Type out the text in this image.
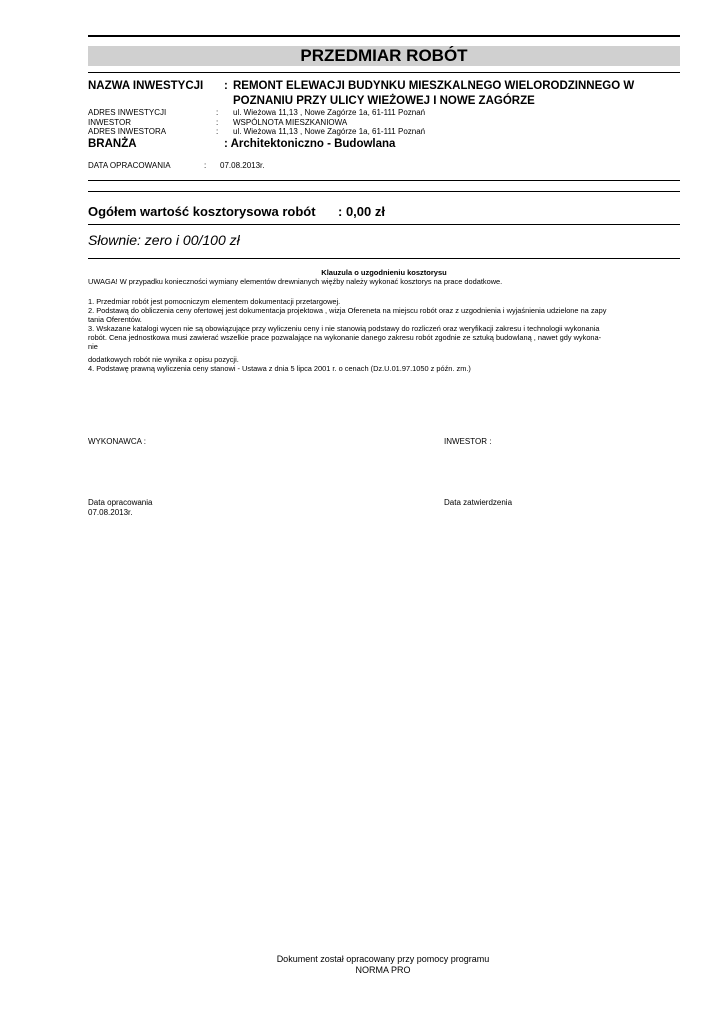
PRZEDMIAR ROBÓT
NAZWA INWESTYCJI : REMONT ELEWACJI BUDYNKU MIESZKALNEGO WIELORODZINNEGO W
POZNANIU PRZY ULICY WIEŻOWEJ I NOWE ZAGÓRZE
ADRES INWESTYCJI	: ul. Wieżowa 11,13 , Nowe Zagórze 1a, 61-111 Poznań
INWESTOR	: WSPÓLNOTA MIESZKANIOWA
ADRES INWESTORA	: ul. Wieżowa 11,13 , Nowe Zagórze 1a, 61-111 Poznań
BRANŻA	: Architektoniczno - Budowlana
DATA OPRACOWANIA	: 07.08.2013r.
Ogółem wartość kosztorysowa robót : 0,00 zł
Słownie: zero i 00/100 zł
Klauzula o uzgodnieniu kosztorysu
UWAGA! W przypadku konieczności wymiany elementów drewnianych więźby należy wykonać kosztorys na prace dodatkowe.
1. Przedmiar robót jest pomocniczym elementem dokumentacji przetargowej.
2. Podstawą do obliczenia ceny ofertowej jest dokumentacja projektowa , wizja Ofereneta na miejscu robót oraz z uzgodnienia i wyjaśnienia udzielone na zapy
tania Oferentów.
3. Wskazane katalogi wycen nie są obowiązujące przy wyliczeniu ceny i nie stanowią podstawy do rozliczeń oraz weryfikacji zakresu i technologii wykonania
robót. Cena jednostkowa musi zawierać wszelkie prace pozwalające na wykonanie danego zakresu robót zgodnie ze sztuką budowlaną , nawet gdy wykona-
nie
dodatkowych robót nie wynika z opisu pozycji.
4. Podstawę prawną wyliczenia ceny stanowi - Ustawa z dnia 5 lipca 2001 r. o cenach (Dz.U.01.97.1050 z późn. zm.)
WYKONAWCA :	INWESTOR :
Data opracowania
07.08.2013r.
Data zatwierdzenia
Dokument został opracowany przy pomocy programu
NORMA PRO
